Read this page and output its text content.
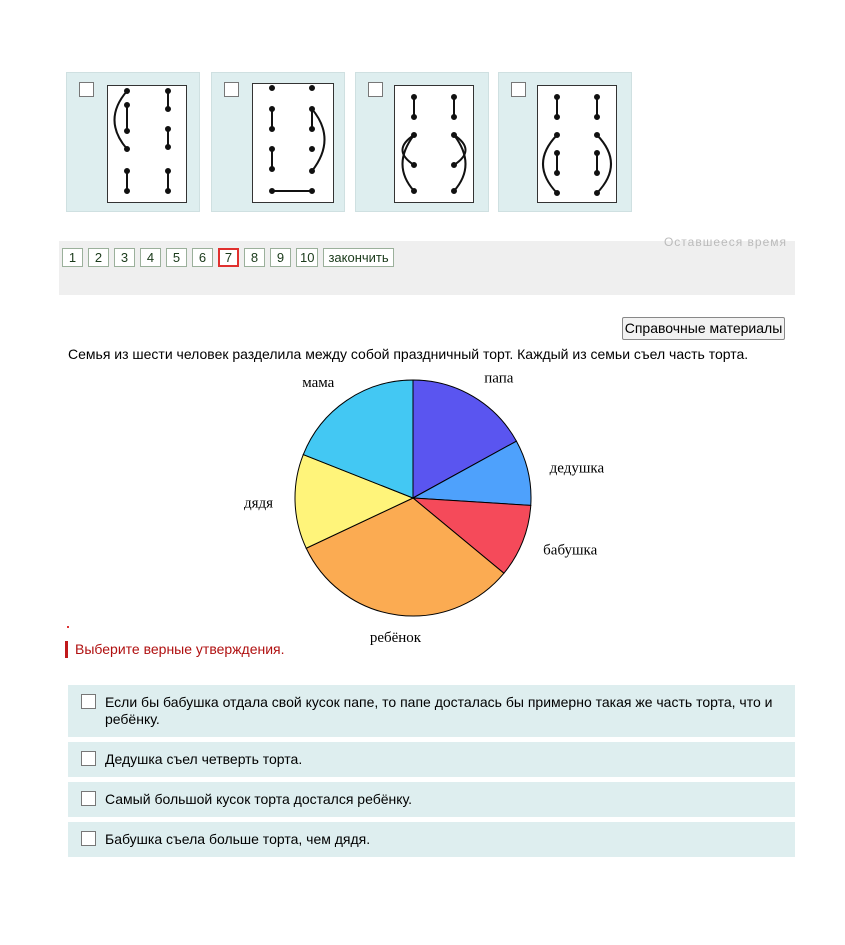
Оставшееся время
1	2	3	4	5	6	7	8	9	10	закончить
Справочные материалы
Семья из шести человек разделила между собой праздничный торт. Каждый из семьи съел часть торта.
папа
дедушка
бабушка
ребёнок
дядя
мама
Выберите верные утверждения.
Если бы бабушка отдала свой кусок папе, то папе досталась бы примерно такая же часть торта, что и ребёнку.
Дедушка съел четверть торта.
Самый большой кусок торта достался ребёнку.
Бабушка съела больше торта, чем дядя.
